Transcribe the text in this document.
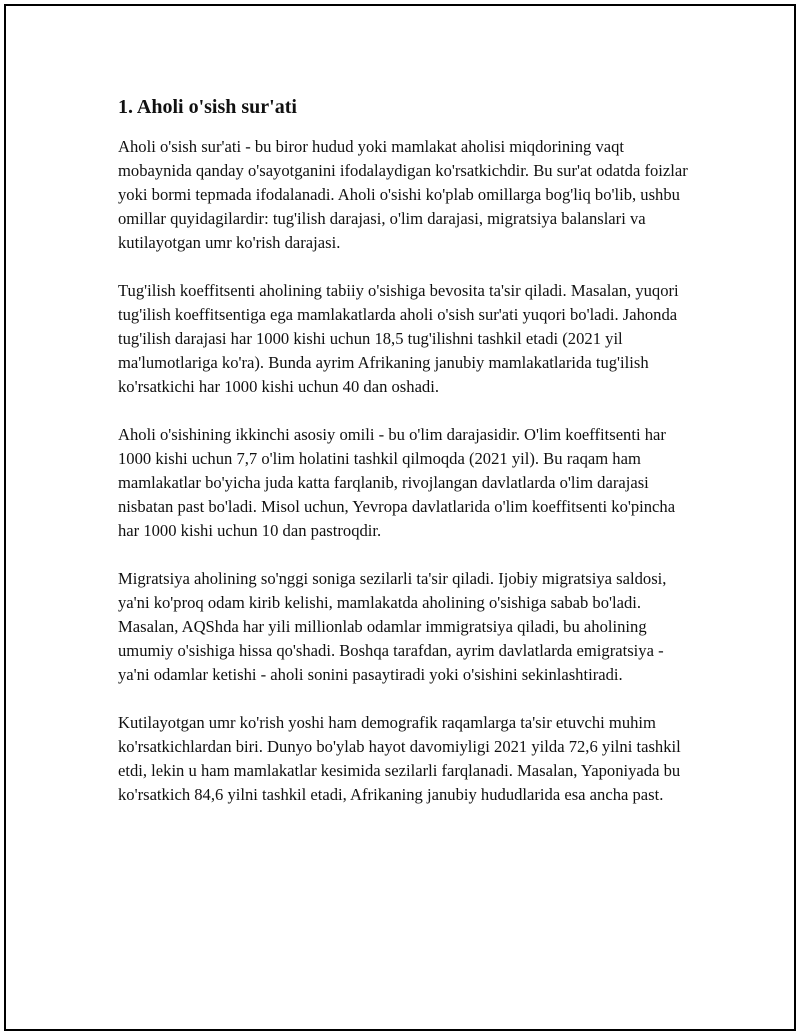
1. Aholi o'sish sur'ati

Aholi o'sish sur'ati - bu biror hudud yoki mamlakat aholisi miqdorining vaqt mobaynida qanday o'sayotganini ifodalaydigan ko'rsatkichdir. Bu sur'at odatda foizlar yoki bormi tepmada ifodalanadi. Aholi o'sishi ko'plab omillarga bog'liq bo'lib, ushbu omillar quyidagilardir: tug'ilish darajasi, o'lim darajasi, migratsiya balanslari va kutilayotgan umr ko'rish darajasi.

Tug'ilish koeffitsenti aholining tabiiy o'sishiga bevosita ta'sir qiladi. Masalan, yuqori tug'ilish koeffitsentiga ega mamlakatlarda aholi o'sish sur'ati yuqori bo'ladi. Jahonda tug'ilish darajasi har 1000 kishi uchun 18,5 tug'ilishni tashkil etadi (2021 yil ma'lumotlariga ko'ra). Bunda ayrim Afrikaning janubiy mamlakatlarida tug'ilish ko'rsatkichi har 1000 kishi uchun 40 dan oshadi.

Aholi o'sishining ikkinchi asosiy omili - bu o'lim darajasidir. O'lim koeffitsenti har 1000 kishi uchun 7,7 o'lim holatini tashkil qilmoqda (2021 yil). Bu raqam ham mamlakatlar bo'yicha juda katta farqlanib, rivojlangan davlatlarda o'lim darajasi nisbatan past bo'ladi. Misol uchun, Yevropa davlatlarida o'lim koeffitsenti ko'pincha har 1000 kishi uchun 10 dan pastroqdir.

Migratsiya aholining so'nggi soniga sezilarli ta'sir qiladi. Ijobiy migratsiya saldosi, ya'ni ko'proq odam kirib kelishi, mamlakatda aholining o'sishiga sabab bo'ladi. Masalan, AQShda har yili millionlab odamlar immigratsiya qiladi, bu aholining umumiy o'sishiga hissa qo'shadi. Boshqa tarafdan, ayrim davlatlarda emigratsiya - ya'ni odamlar ketishi - aholi sonini pasaytiradi yoki o'sishini sekinlashtiradi.

Kutilayotgan umr ko'rish yoshi ham demografik raqamlarga ta'sir etuvchi muhim ko'rsatkichlardan biri. Dunyo bo'ylab hayot davomiyligi 2021 yilda 72,6 yilni tashkil etdi, lekin u ham mamlakatlar kesimida sezilarli farqlanadi. Masalan, Yaponiyada bu ko'rsatkich 84,6 yilni tashkil etadi, Afrikaning janubiy hududlarida esa ancha past.
